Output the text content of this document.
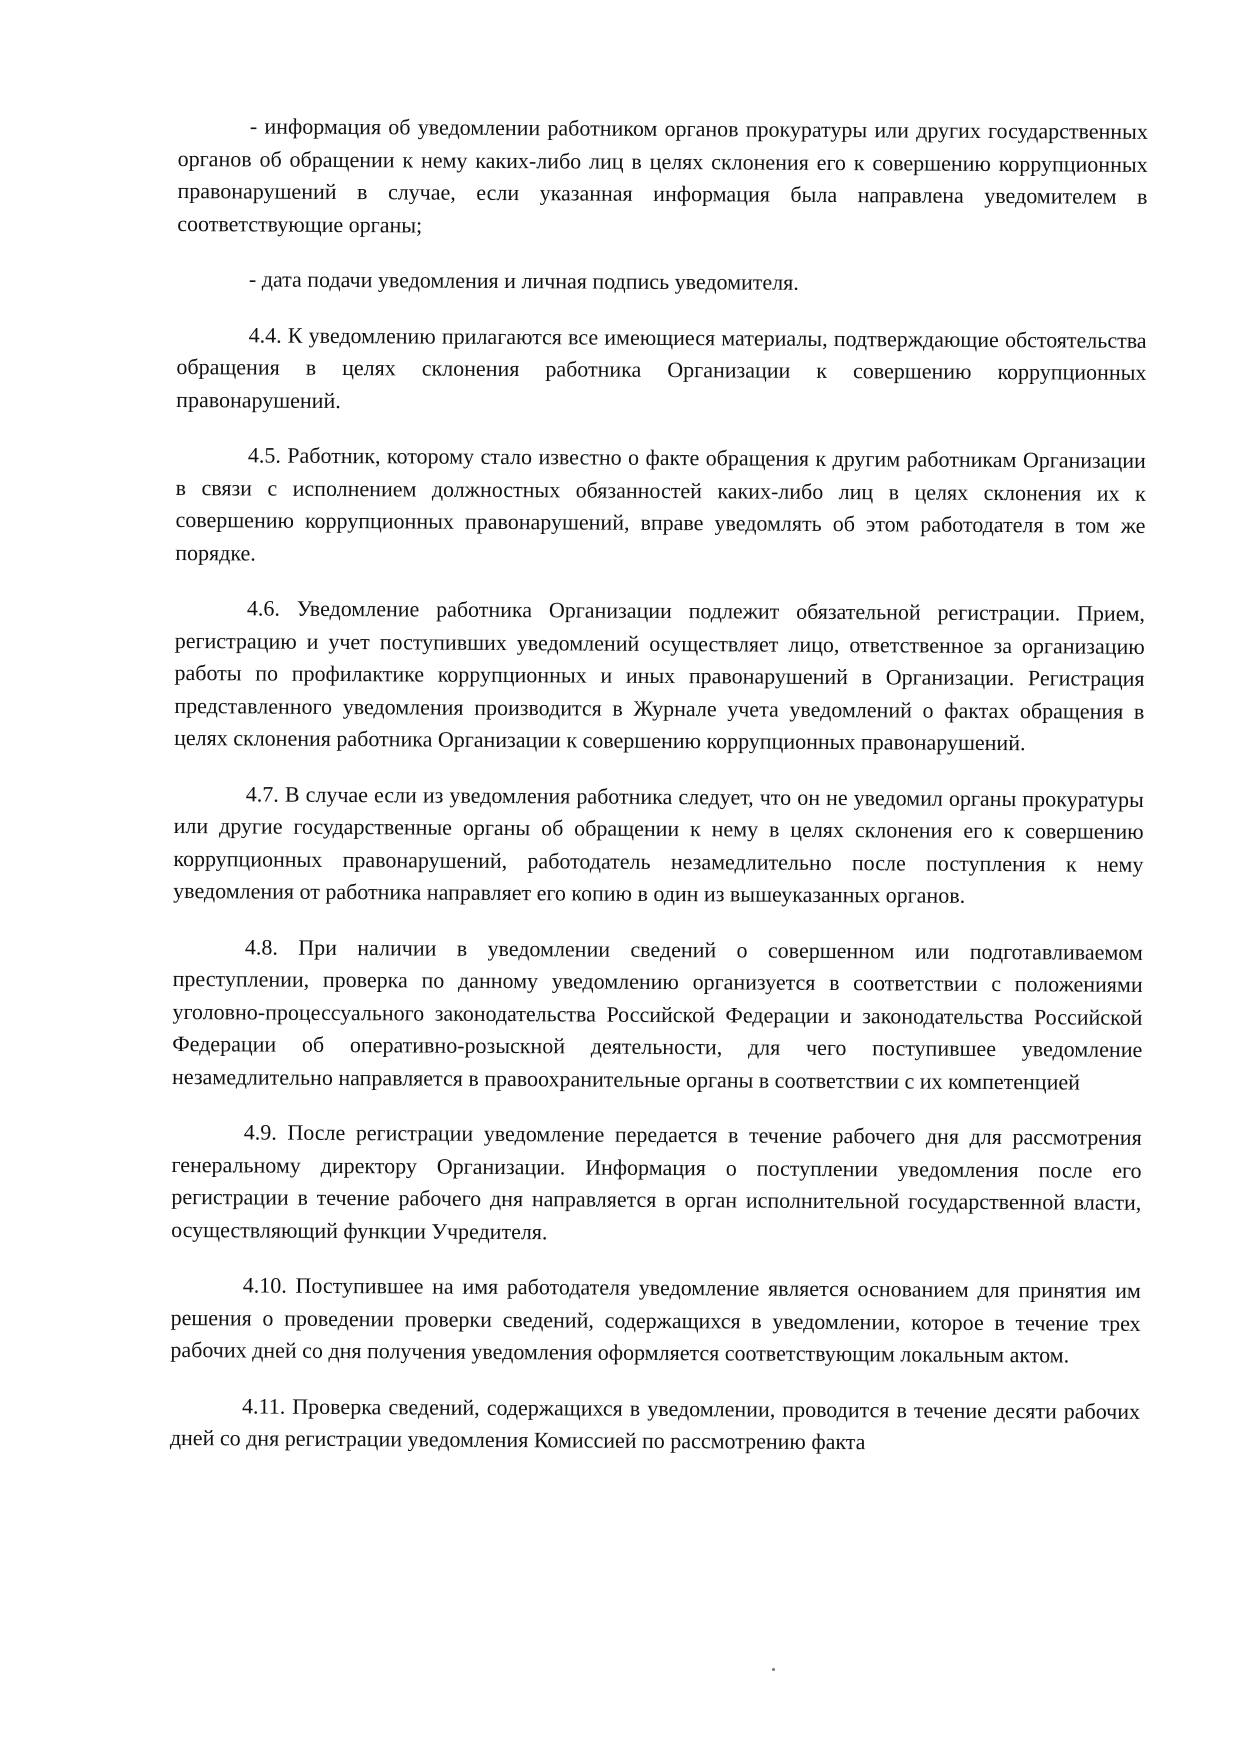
- информация об уведомлении работником органов прокуратуры или других государственных органов об обращении к нему каких-либо лиц в целях склонения его к совершению коррупционных правонарушений в случае, если указанная информация была направлена уведомителем в соответствующие органы;

- дата подачи уведомления и личная подпись уведомителя.

4.4. К уведомлению прилагаются все имеющиеся материалы, подтверждающие обстоятельства обращения в целях склонения работника Организации к совершению коррупционных правонарушений.

4.5. Работник, которому стало известно о факте обращения к другим работникам Организации в связи с исполнением должностных обязанностей каких-либо лиц в целях склонения их к совершению коррупционных правонарушений, вправе уведомлять об этом работодателя в том же порядке.

4.6. Уведомление работника Организации подлежит обязательной регистрации. Прием, регистрацию и учет поступивших уведомлений осуществляет лицо, ответственное за организацию работы по профилактике коррупционных и иных правонарушений в Организации. Регистрация представленного уведомления производится в Журнале учета уведомлений о фактах обращения в целях склонения работника Организации к совершению коррупционных правонарушений.

4.7. В случае если из уведомления работника следует, что он не уведомил органы прокуратуры или другие государственные органы об обращении к нему в целях склонения его к совершению коррупционных правонарушений, работодатель незамедлительно после поступления к нему уведомления от работника направляет его копию в один из вышеуказанных органов.

4.8. При наличии в уведомлении сведений о совершенном или подготавливаемом преступлении, проверка по данному уведомлению организуется в соответствии с положениями уголовно-процессуального законодательства Российской Федерации и законодательства Российской Федерации об оперативно-розыскной деятельности, для чего поступившее уведомление незамедлительно направляется в правоохранительные органы в соответствии с их компетенцией

4.9. После регистрации уведомление передается в течение рабочего дня для рассмотрения генеральному директору Организации. Информация о поступлении уведомления после его регистрации в течение рабочего дня направляется в орган исполнительной государственной власти, осуществляющий функции Учредителя.

4.10. Поступившее на имя работодателя уведомление является основанием для принятия им решения о проведении проверки сведений, содержащихся в уведомлении, которое в течение трех рабочих дней со дня получения уведомления оформляется соответствующим локальным актом.

4.11. Проверка сведений, содержащихся в уведомлении, проводится в течение десяти рабочих дней со дня регистрации уведомления Комиссией по рассмотрению факта
